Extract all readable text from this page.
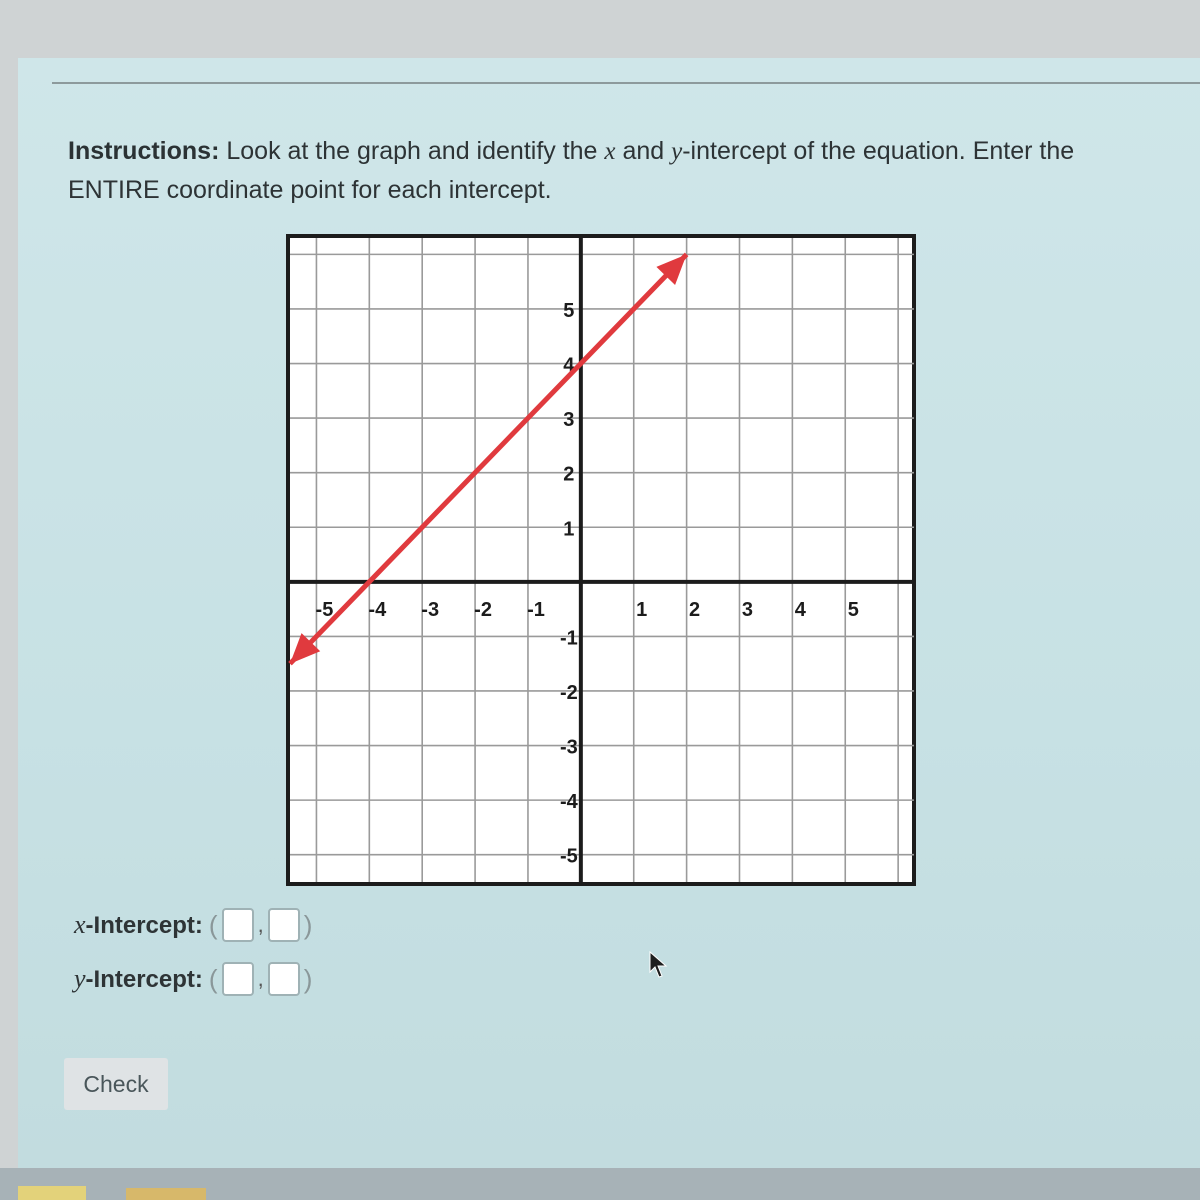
Instructions: Look at the graph and identify the x and y-intercept of the equation. Enter the ENTIRE coordinate point for each intercept.
-5 -4 -3 -2 -1	1 2 3 4 5
5
4
3
2
1
-1
-2
-3
-4
-5
x-Intercept: ( , )
y-Intercept: ( , )
Check
